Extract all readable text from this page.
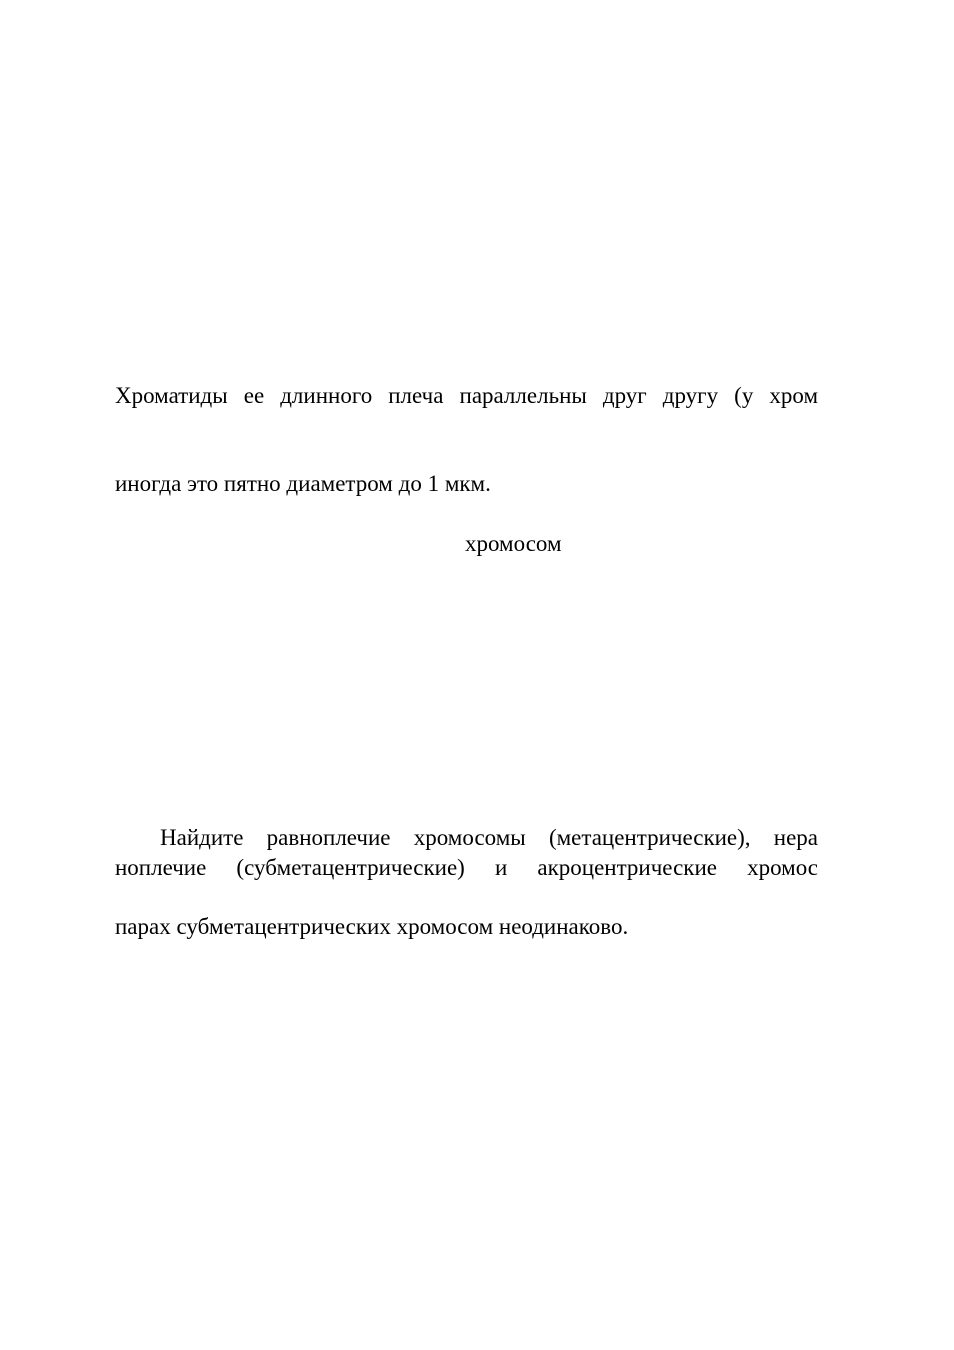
Хроматиды ее длинного плеча параллельны друг другу (у хром

иногда это пятно диаметром до 1 мкм.

хромосом

Найдите равноплечие хромосомы (метацентрические), нера

ноплечие (субметацентрические) и акроцентрические хромос

парах субметацентрических хромосом неодинаково.
